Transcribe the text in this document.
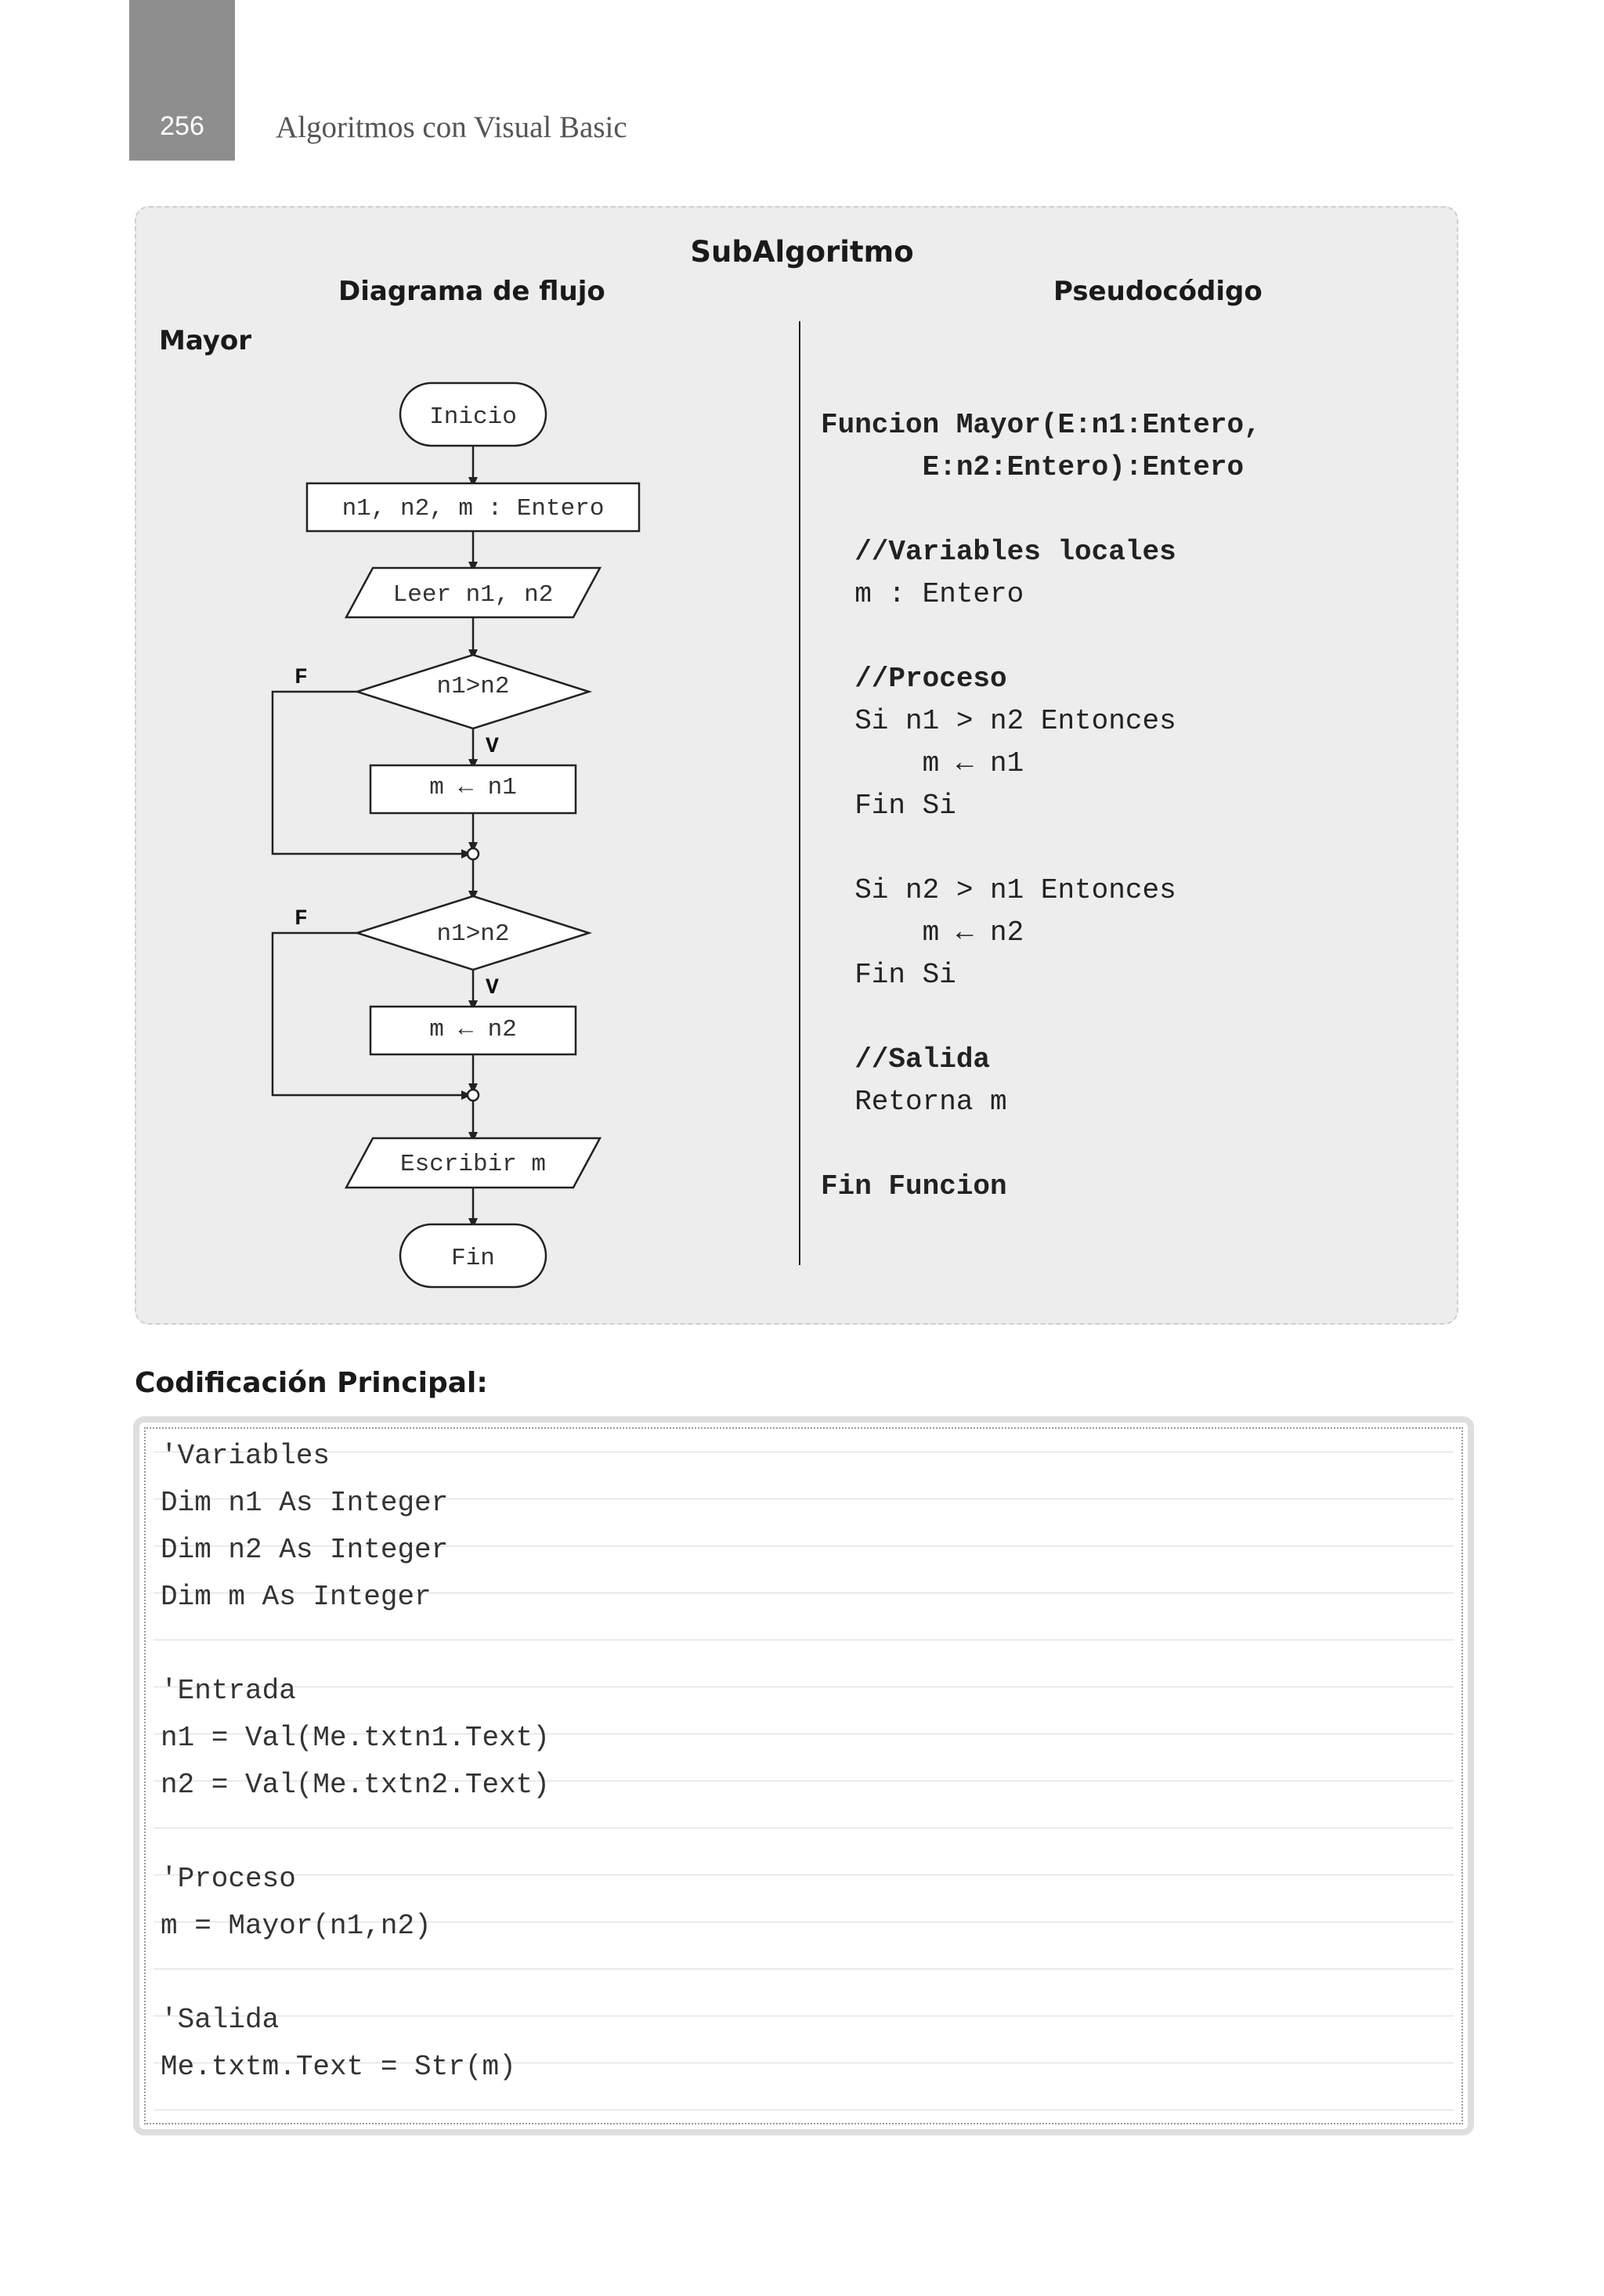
256	Algoritmos con Visual Basic
SubAlgoritmo
Diagrama de flujo	Pseudocódigo
Mayor
Inicio
n1, n2, m : Entero
Leer n1, n2
n1>n2
m ← n1
n1>n2
m ← n2
Escribir m
Fin
F
V
F
V
Funcion Mayor(E:n1:Entero,
E:n2:Entero):Entero
//Variables locales
m : Entero
//Proceso
Si n1 > n2 Entonces
m ← n1
Fin Si
Si n2 > n1 Entonces
m ← n2
Fin Si
//Salida
Retorna m
Fin Funcion
Codificación Principal:
'Variables
Dim n1 As Integer
Dim n2 As Integer
Dim m As Integer
'Entrada
n1 = Val(Me.txtn1.Text)
n2 = Val(Me.txtn2.Text)
'Proceso
m = Mayor(n1,n2)
'Salida
Me.txtm.Text = Str(m)
